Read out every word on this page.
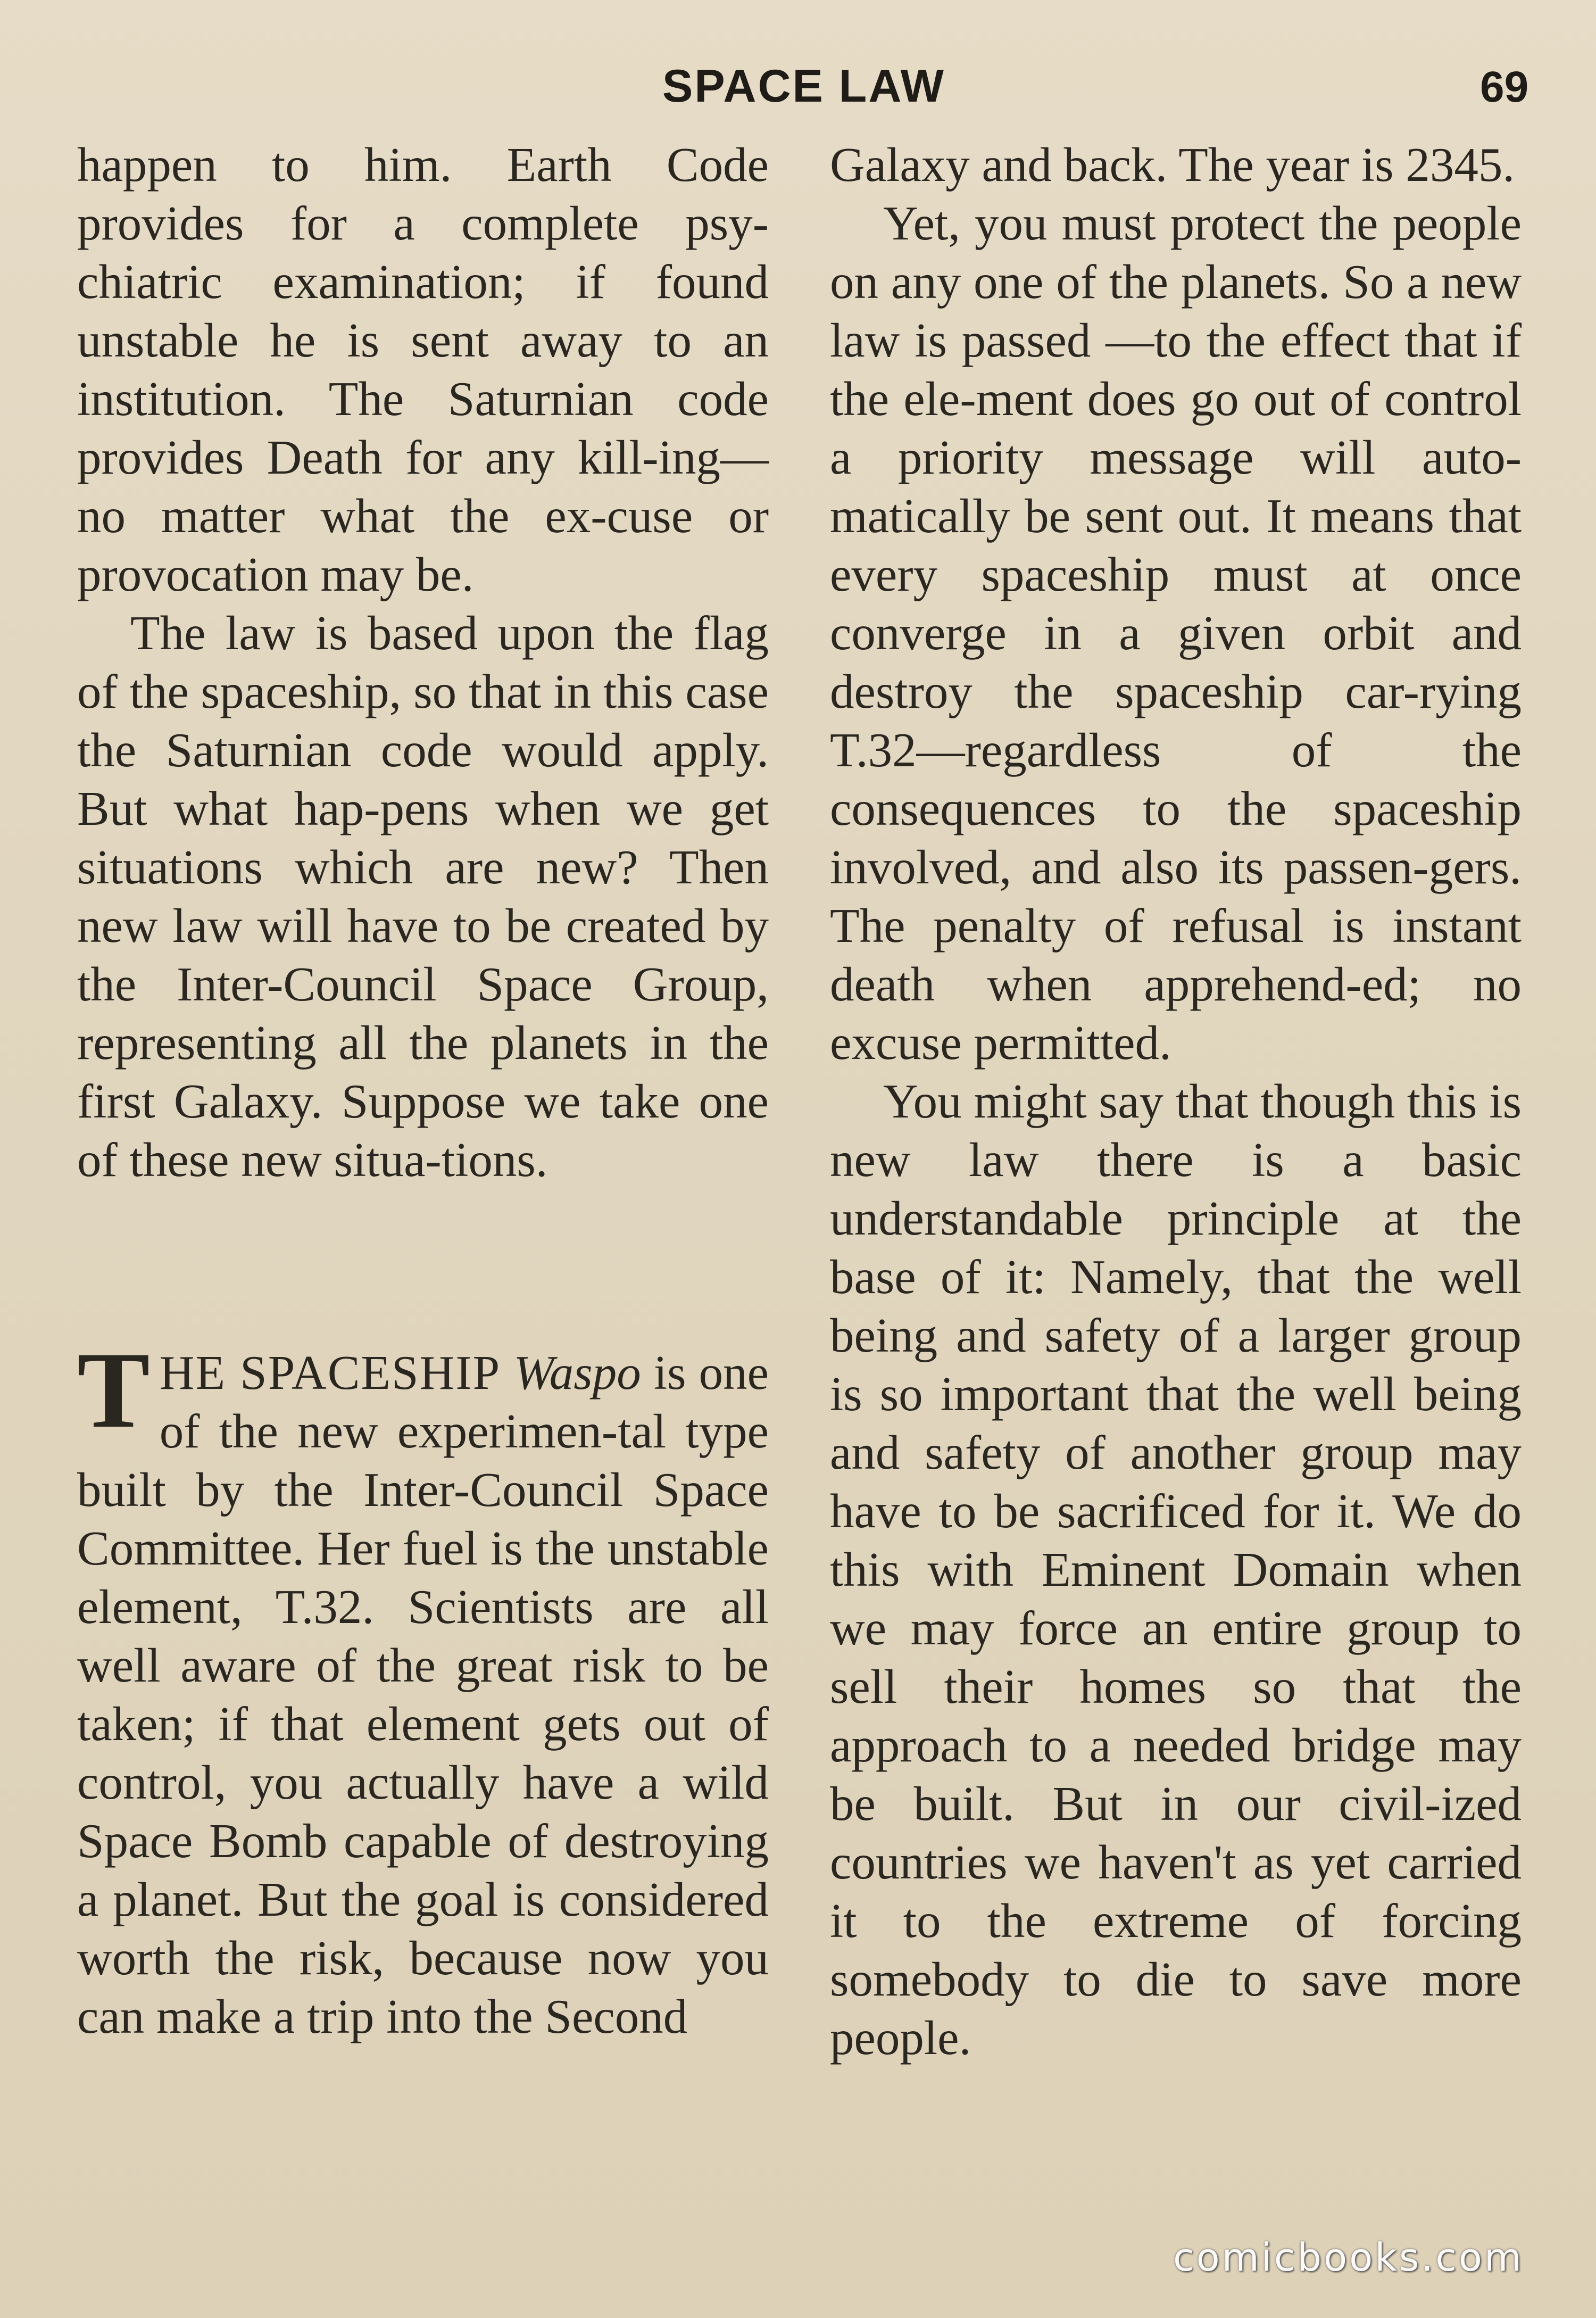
SPACE LAW	69

happen to him. Earth Code provides for a complete psy-chiatric examination; if found unstable he is sent away to an institution. The Saturnian code provides Death for any kill-ing—no matter what the ex-cuse or provocation may be.

The law is based upon the flag of the spaceship, so that in this case the Saturnian code would apply. But what hap-pens when we get situations which are new? Then new law will have to be created by the Inter-Council Space Group, representing all the planets in the first Galaxy. Suppose we take one of these new situa-tions.

THE SPACESHIP Waspo is one of the new experimen-tal type built by the Inter-Council Space Committee. Her fuel is the unstable element, T.32. Scientists are all well aware of the great risk to be taken; if that element gets out of control, you actually have a wild Space Bomb capable of destroying a planet. But the goal is considered worth the risk, because now you can make a trip into the Second

Galaxy and back. The year is 2345.

Yet, you must protect the people on any one of the planets. So a new law is passed —to the effect that if the ele-ment does go out of control a priority message will auto-matically be sent out. It means that every spaceship must at once converge in a given orbit and destroy the spaceship car-rying T.32—regardless of the consequences to the spaceship involved, and also its passen-gers. The penalty of refusal is instant death when apprehend-ed; no excuse permitted.

You might say that though this is new law there is a basic understandable principle at the base of it: Namely, that the well being and safety of a larger group is so important that the well being and safety of another group may have to be sacrificed for it. We do this with Eminent Domain when we may force an entire group to sell their homes so that the approach to a needed bridge may be built. But in our civil-ized countries we haven't as yet carried it to the extreme of forcing somebody to die to save more people.

comicbooks.com
